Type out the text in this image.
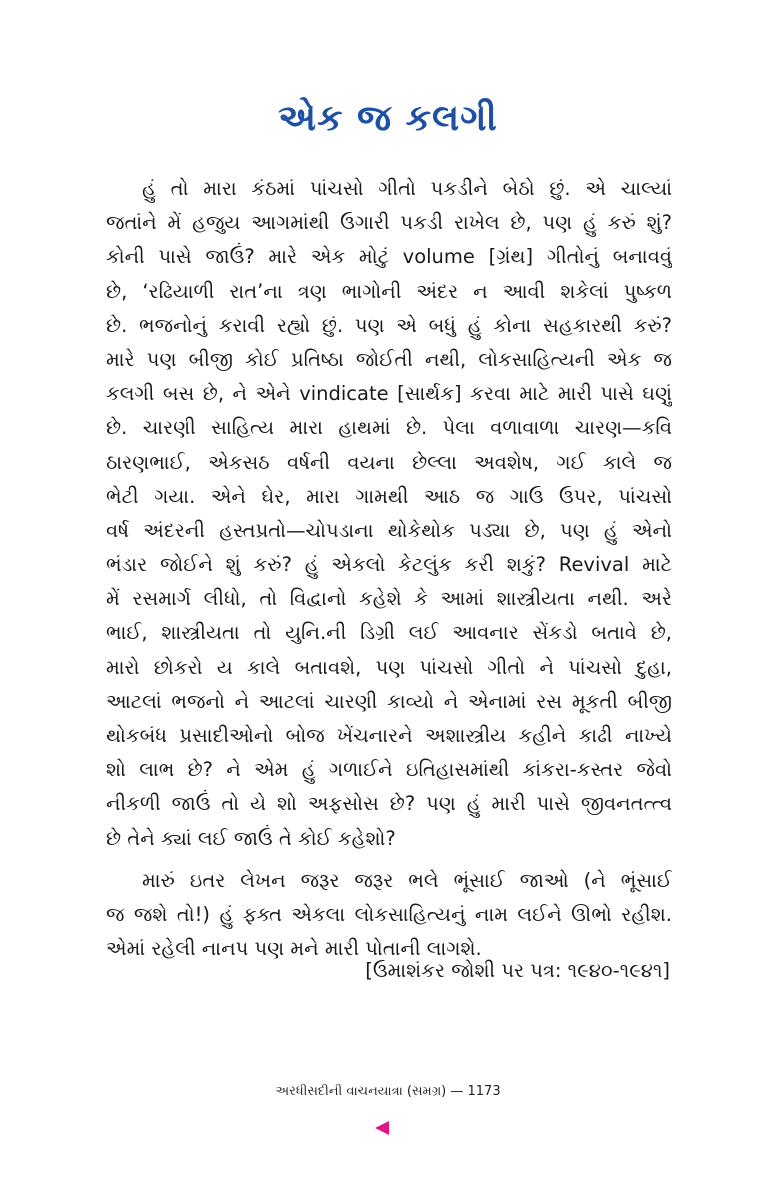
એક જ કલગી
હું તો મારા કંઠમાં પાંચસો ગીતો પકડીને બેઠો છું. એ ચાલ્યાં
જતાંને મેં હજુય આગમાંથી ઉગારી પકડી રાખેલ છે, પણ હું કરું શું?
કોની પાસે જાઉં? મારે એક મોટું volume [ગ્રંથ] ગીતોનું બનાવવું
છે, ‘રઢિયાળી રાત’ના ત્રણ ભાગોની અંદર ન આવી શકેલાં પુષ્કળ
છે. ભજનોનું કરાવી રહ્યો છું. પણ એ બધું હું કોના સહકારથી કરું?
મારે પણ બીજી કોઈ પ્રતિષ્ઠા જોઈતી નથી, લોકસાહિત્યની એક જ
કલગી બસ છે, ને એને vindicate [સાર્થક] કરવા માટે મારી પાસે ઘણું
છે. ચારણી સાહિત્ય મારા હાથમાં છે. પેલા વળાવાળા ચારણ—કવિ
ઠારણભાઈ, એકસઠ વર્ષની વયના છેલ્લા અવશેષ, ગઈ કાલે જ
ભેટી ગયા. એને ઘેર, મારા ગામથી આઠ જ ગાઉ ઉપર, પાંચસો
વર્ષ અંદરની હસ્તપ્રતો—ચોપડાના થોકેથોક પડ્યા છે, પણ હું એનો
ભંડાર જોઈને શું કરું? હું એકલો કેટલુંક કરી શકું? Revival માટે
મેં રસમાર્ગ લીધો, તો વિદ્વાનો કહેશે કે આમાં શાસ્ત્રીયતા નથી. અરે
ભાઈ, શાસ્ત્રીયતા તો યુનિ.ની ડિગ્રી લઈ આવનાર સેંકડો બતાવે છે,
મારો છોકરો ય કાલે બતાવશે, પણ પાંચસો ગીતો ને પાંચસો દુહા,
આટલાં ભજનો ને આટલાં ચારણી કાવ્યો ને એનામાં રસ મૂકતી બીજી
થોકબંધ પ્રસાદીઓનો બોજ ખેંચનારને અશાસ્ત્રીય કહીને કાઢી નાખ્યે
શો લાભ છે? ને એમ હું ગળાઈને ઇતિહાસમાંથી કાંકરા-કસ્તર જેવો
નીકળી જાઉં તો યે શો અફસોસ છે? પણ હું મારી પાસે જીવનતત્ત્વ
છે તેને ક્યાં લઈ જાઉં તે કોઈ કહેશો?
મારું ઇતર લેખન જરૂર જરૂર ભલે ભૂંસાઈ જાઓ (ને ભૂંસાઈ
જ જશે તો!) હું ફક્ત એકલા લોકસાહિત્યનું નામ લઈને ઊભો રહીશ.
એમાં રહેલી નાનપ પણ મને મારી પોતાની લાગશે.
[ઉમાશંકર જોશી પર પત્ર: ૧૯૪૦-૧૯૪૧]
અરધીસદીની વાચનયાત્રા (સમગ્ર) — 1173
